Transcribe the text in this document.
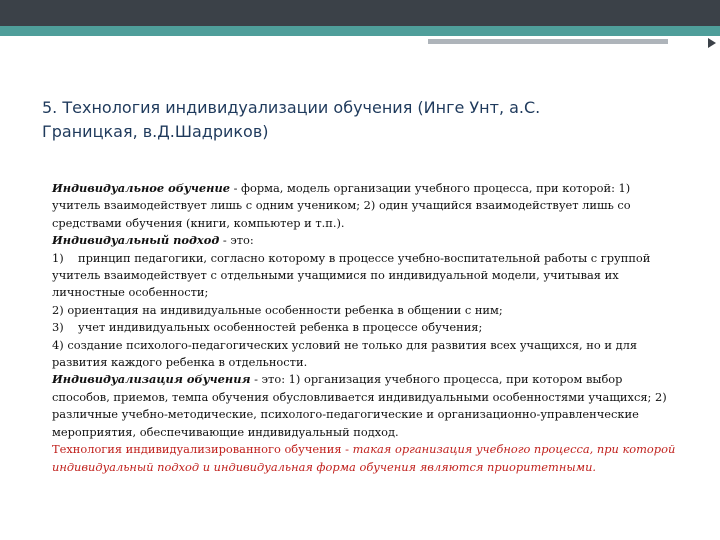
5. Технология индивидуализации обучения (Инге Унт, а.С.
Границкая, в.Д.Шадриков)

Индивидуальное обучение - форма, модель организации учебного процесса, при которой: 1) учитель взаимодействует лишь с одним учеником; 2) один учащийся взаимодействует лишь со средствами обучения (книги, компьютер и т.п.).

Индивидуальный подход - это:

1) принцип педагогики, согласно которому в процессе учебно-воспитательной работы с группой учитель взаимодействует с отдельными учащимися по индивидуальной модели, учитывая их личностные особенности;

2) ориентация на индивидуальные особенности ребенка в общении с ним;

3) учет индивидуальных особенностей ребенка в процессе обучения;

4) создание психолого-педагогических условий не только для развития всех учащихся, но и для развития каждого ребенка в отдельности.

Индивидуализация обучения - это: 1) организация учебного процесса, при котором выбор способов, приемов, темпа обучения обусловливается индивидуальными особенностями учащихся; 2) различные учебно-методические, психолого-педагогические и организационно-управленческие мероприятия, обеспечивающие индивидуальный подход.

Технология индивидуализированного обучения - такая организация учебного процесса, при которой индивидуальный подход и индивидуальная форма обучения являются приоритетными.
